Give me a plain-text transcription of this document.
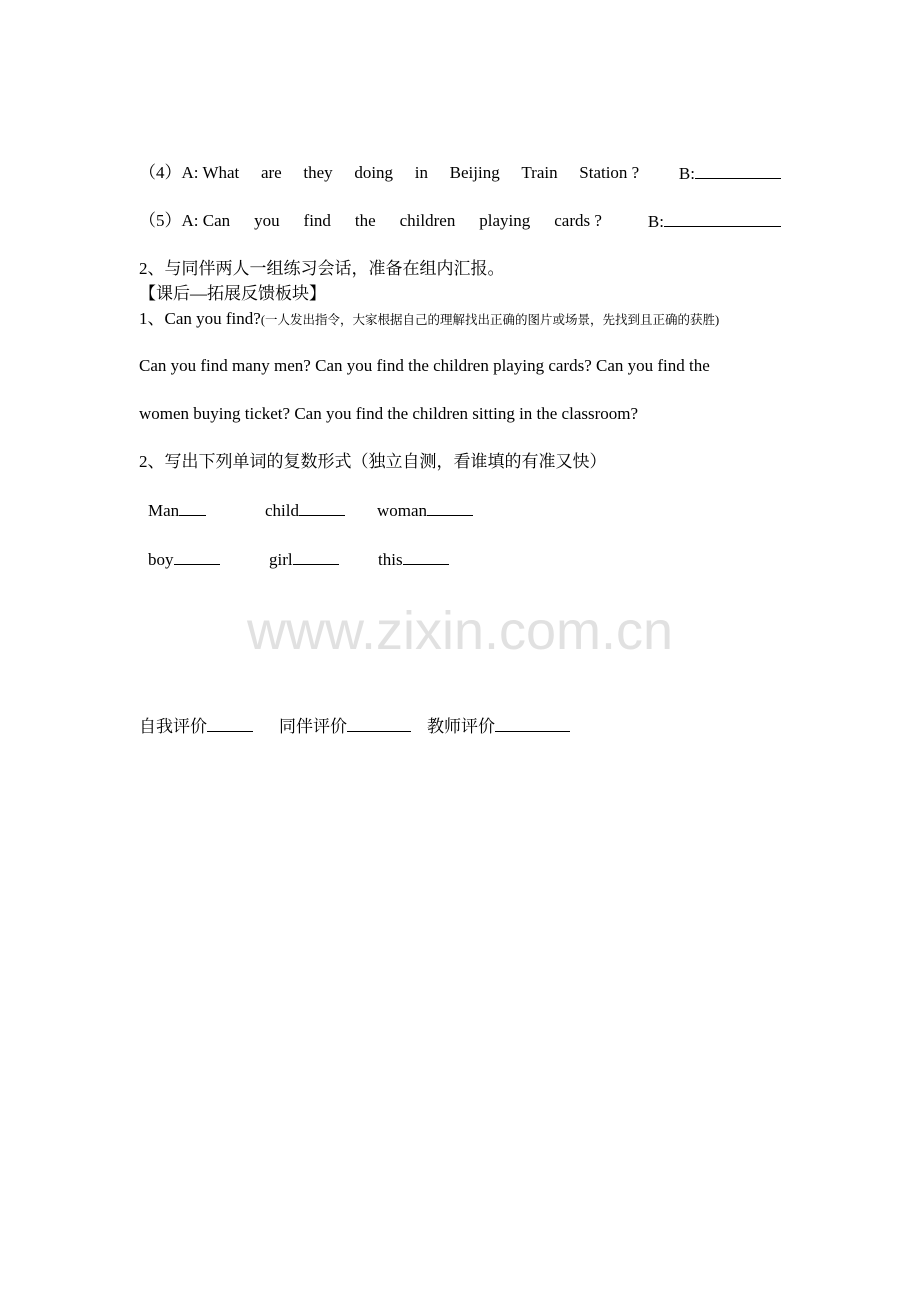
（4）A: What are they doing in Beijing Train Station ?	B:
（5）A: Can you find the children playing cards ?	B:
2、与同伴两人一组练习会话，准备在组内汇报。
【课后—拓展反馈板块】
1、Can you find?(一人发出指令，大家根据自己的理解找出正确的图片或场景，先找到且正确的获胜)
Can you find many men? Can you find the children playing cards? Can you find the
women buying ticket? Can you find the children sitting in the classroom?
2、写出下列单词的复数形式（独立自测，看谁填的有准又快）
Man	child	woman
boy	girl	this
www.zixin.com.cn
自我评价	同伴评价	教师评价
